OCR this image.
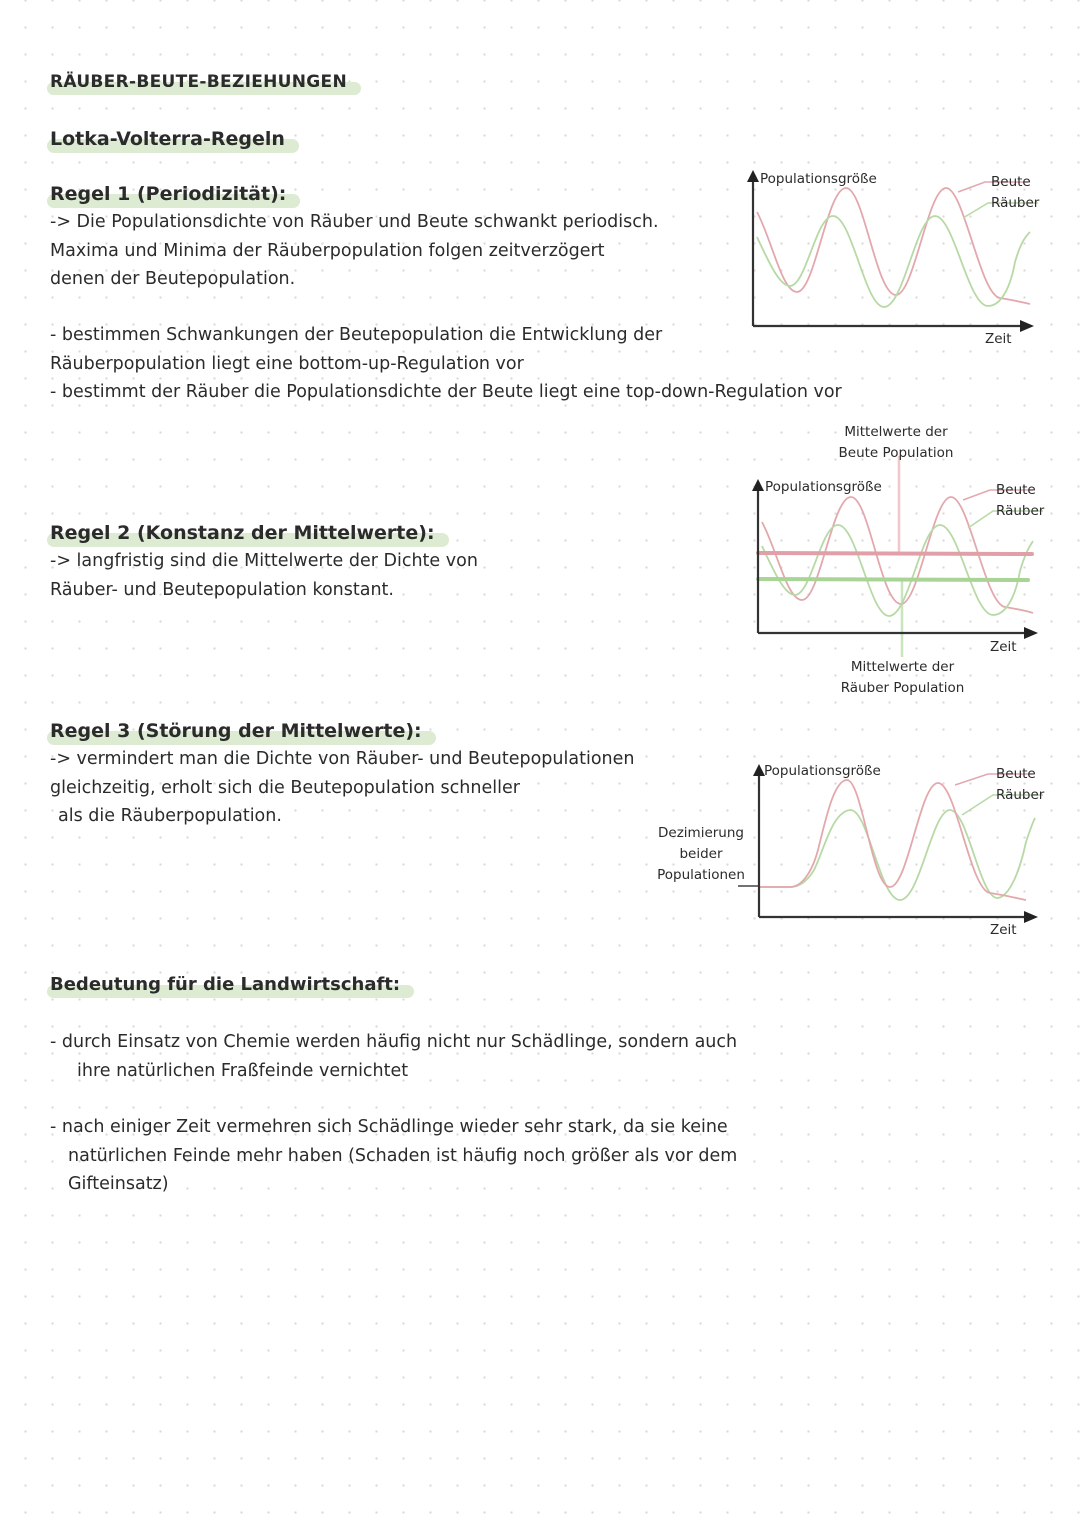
RÄUBER-BEUTE-BEZIEHUNGEN
Lotka-Volterra-Regeln
Regel 1 (Periodizität):
-> Die Populationsdichte von Räuber und Beute schwankt periodisch.
Maxima und Minima der Räuberpopulation folgen zeitverzögert
denen der Beutepopulation.
- bestimmen Schwankungen der Beutepopulation die Entwicklung der
Räuberpopulation liegt eine bottom-up-Regulation vor
- bestimmt der Räuber die Populationsdichte der Beute liegt eine top-down-Regulation vor
Regel 2 (Konstanz der Mittelwerte):
-> langfristig sind die Mittelwerte der Dichte von
Räuber- und Beutepopulation konstant.
Regel 3 (Störung der Mittelwerte):
-> vermindert man die Dichte von Räuber- und Beutepopulationen
gleichzeitig, erholt sich die Beutepopulation schneller
als die Räuberpopulation.
Bedeutung für die Landwirtschaft:
- durch Einsatz von Chemie werden häufig nicht nur Schädlinge, sondern auch
ihre natürlichen Fraßfeinde vernichtet
- nach einiger Zeit vermehren sich Schädlinge wieder sehr stark, da sie keine
natürlichen Feinde mehr haben (Schaden ist häufig noch größer als vor dem
Gifteinsatz)
Populationsgröße	Beute
Räuber
Zeit
Mittelwerte der
Beute Population
Populationsgröße	Beute
Räuber
Zeit
Mittelwerte der
Räuber Population
Populationsgröße	Beute
Räuber
Zeit
Dezimierung
beider
Populationen
